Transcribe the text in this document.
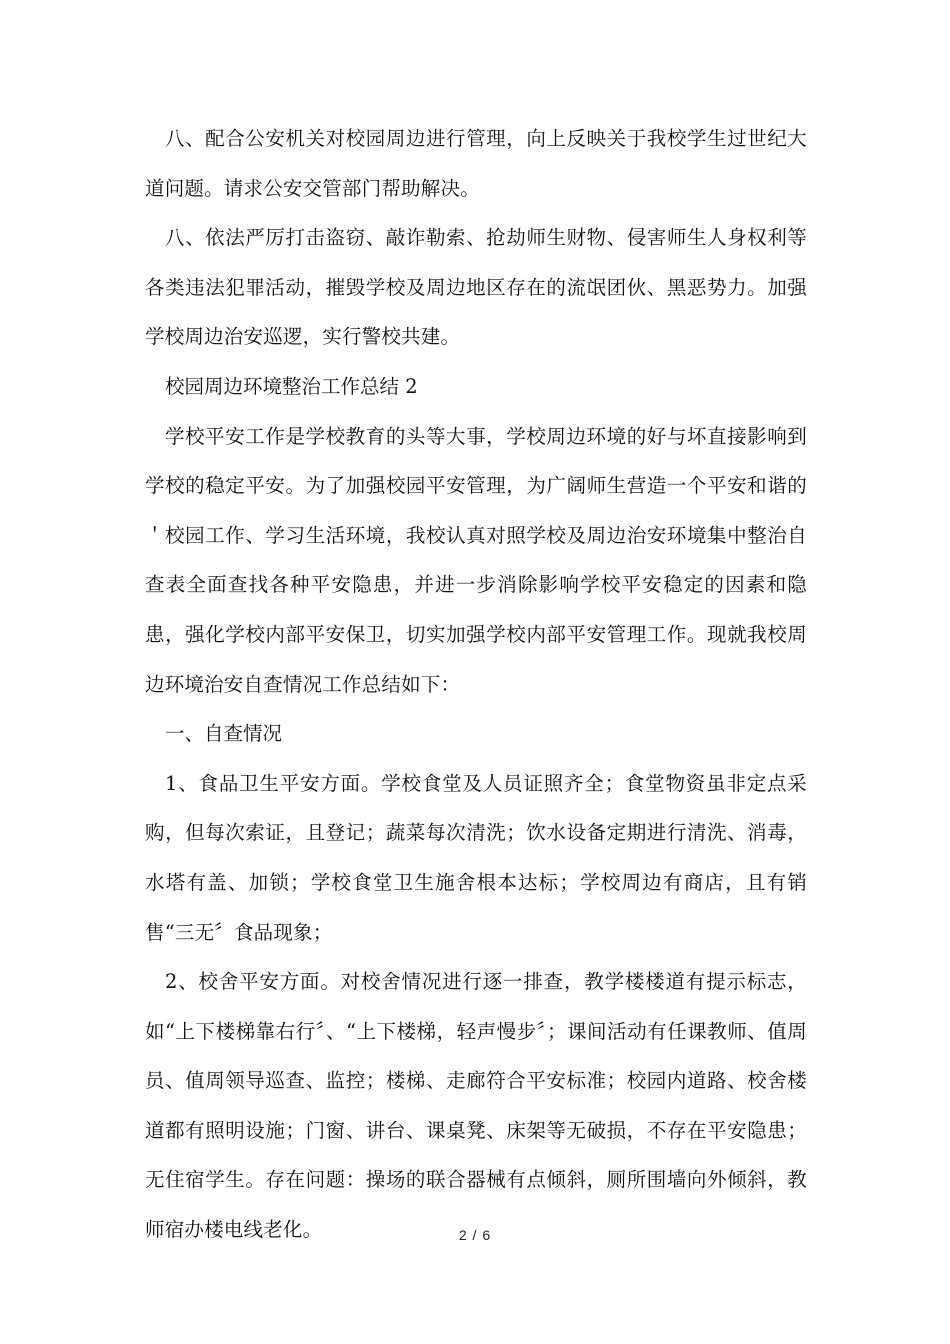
八、配合公安机关对校园周边进行管理，向上反映关于我校学生过世纪大道问题。请求公安交管部门帮助解决。

八、依法严厉打击盗窃、敲诈勒索、抢劫师生财物、侵害师生人身权利等各类违法犯罪活动，摧毁学校及周边地区存在的流氓团伙、黑恶势力。加强学校周边治安巡逻，实行警校共建。

校园周边环境整治工作总结 2

学校平安工作是学校教育的头等大事，学校周边环境的好与坏直接影响到学校的稳定平安。为了加强校园平安管理，为广阔师生营造一个平安和谐的＇校园工作、学习生活环境，我校认真对照学校及周边治安环境集中整治自查表全面查找各种平安隐患，并进一步消除影响学校平安稳定的因素和隐患，强化学校内部平安保卫，切实加强学校内部平安管理工作。现就我校周边环境治安自查情况工作总结如下：

一、自查情况

1、食品卫生平安方面。学校食堂及人员证照齐全；食堂物资虽非定点采购，但每次索证，且登记；蔬菜每次清洗；饮水设备定期进行清洗、消毒，水塔有盖、加锁；学校食堂卫生施舍根本达标；学校周边有商店，且有销售“三无〞食品现象；

2、校舍平安方面。对校舍情况进行逐一排查，教学楼楼道有提示标志，如“上下楼梯靠右行〞、“上下楼梯，轻声慢步〞；课间活动有任课教师、值周员、值周领导巡查、监控；楼梯、走廊符合平安标准；校园内道路、校舍楼道都有照明设施；门窗、讲台、课桌凳、床架等无破损，不存在平安隐患；无住宿学生。存在问题：操场的联合器械有点倾斜，厕所围墙向外倾斜，教师宿办楼电线老化。	2 / 6
